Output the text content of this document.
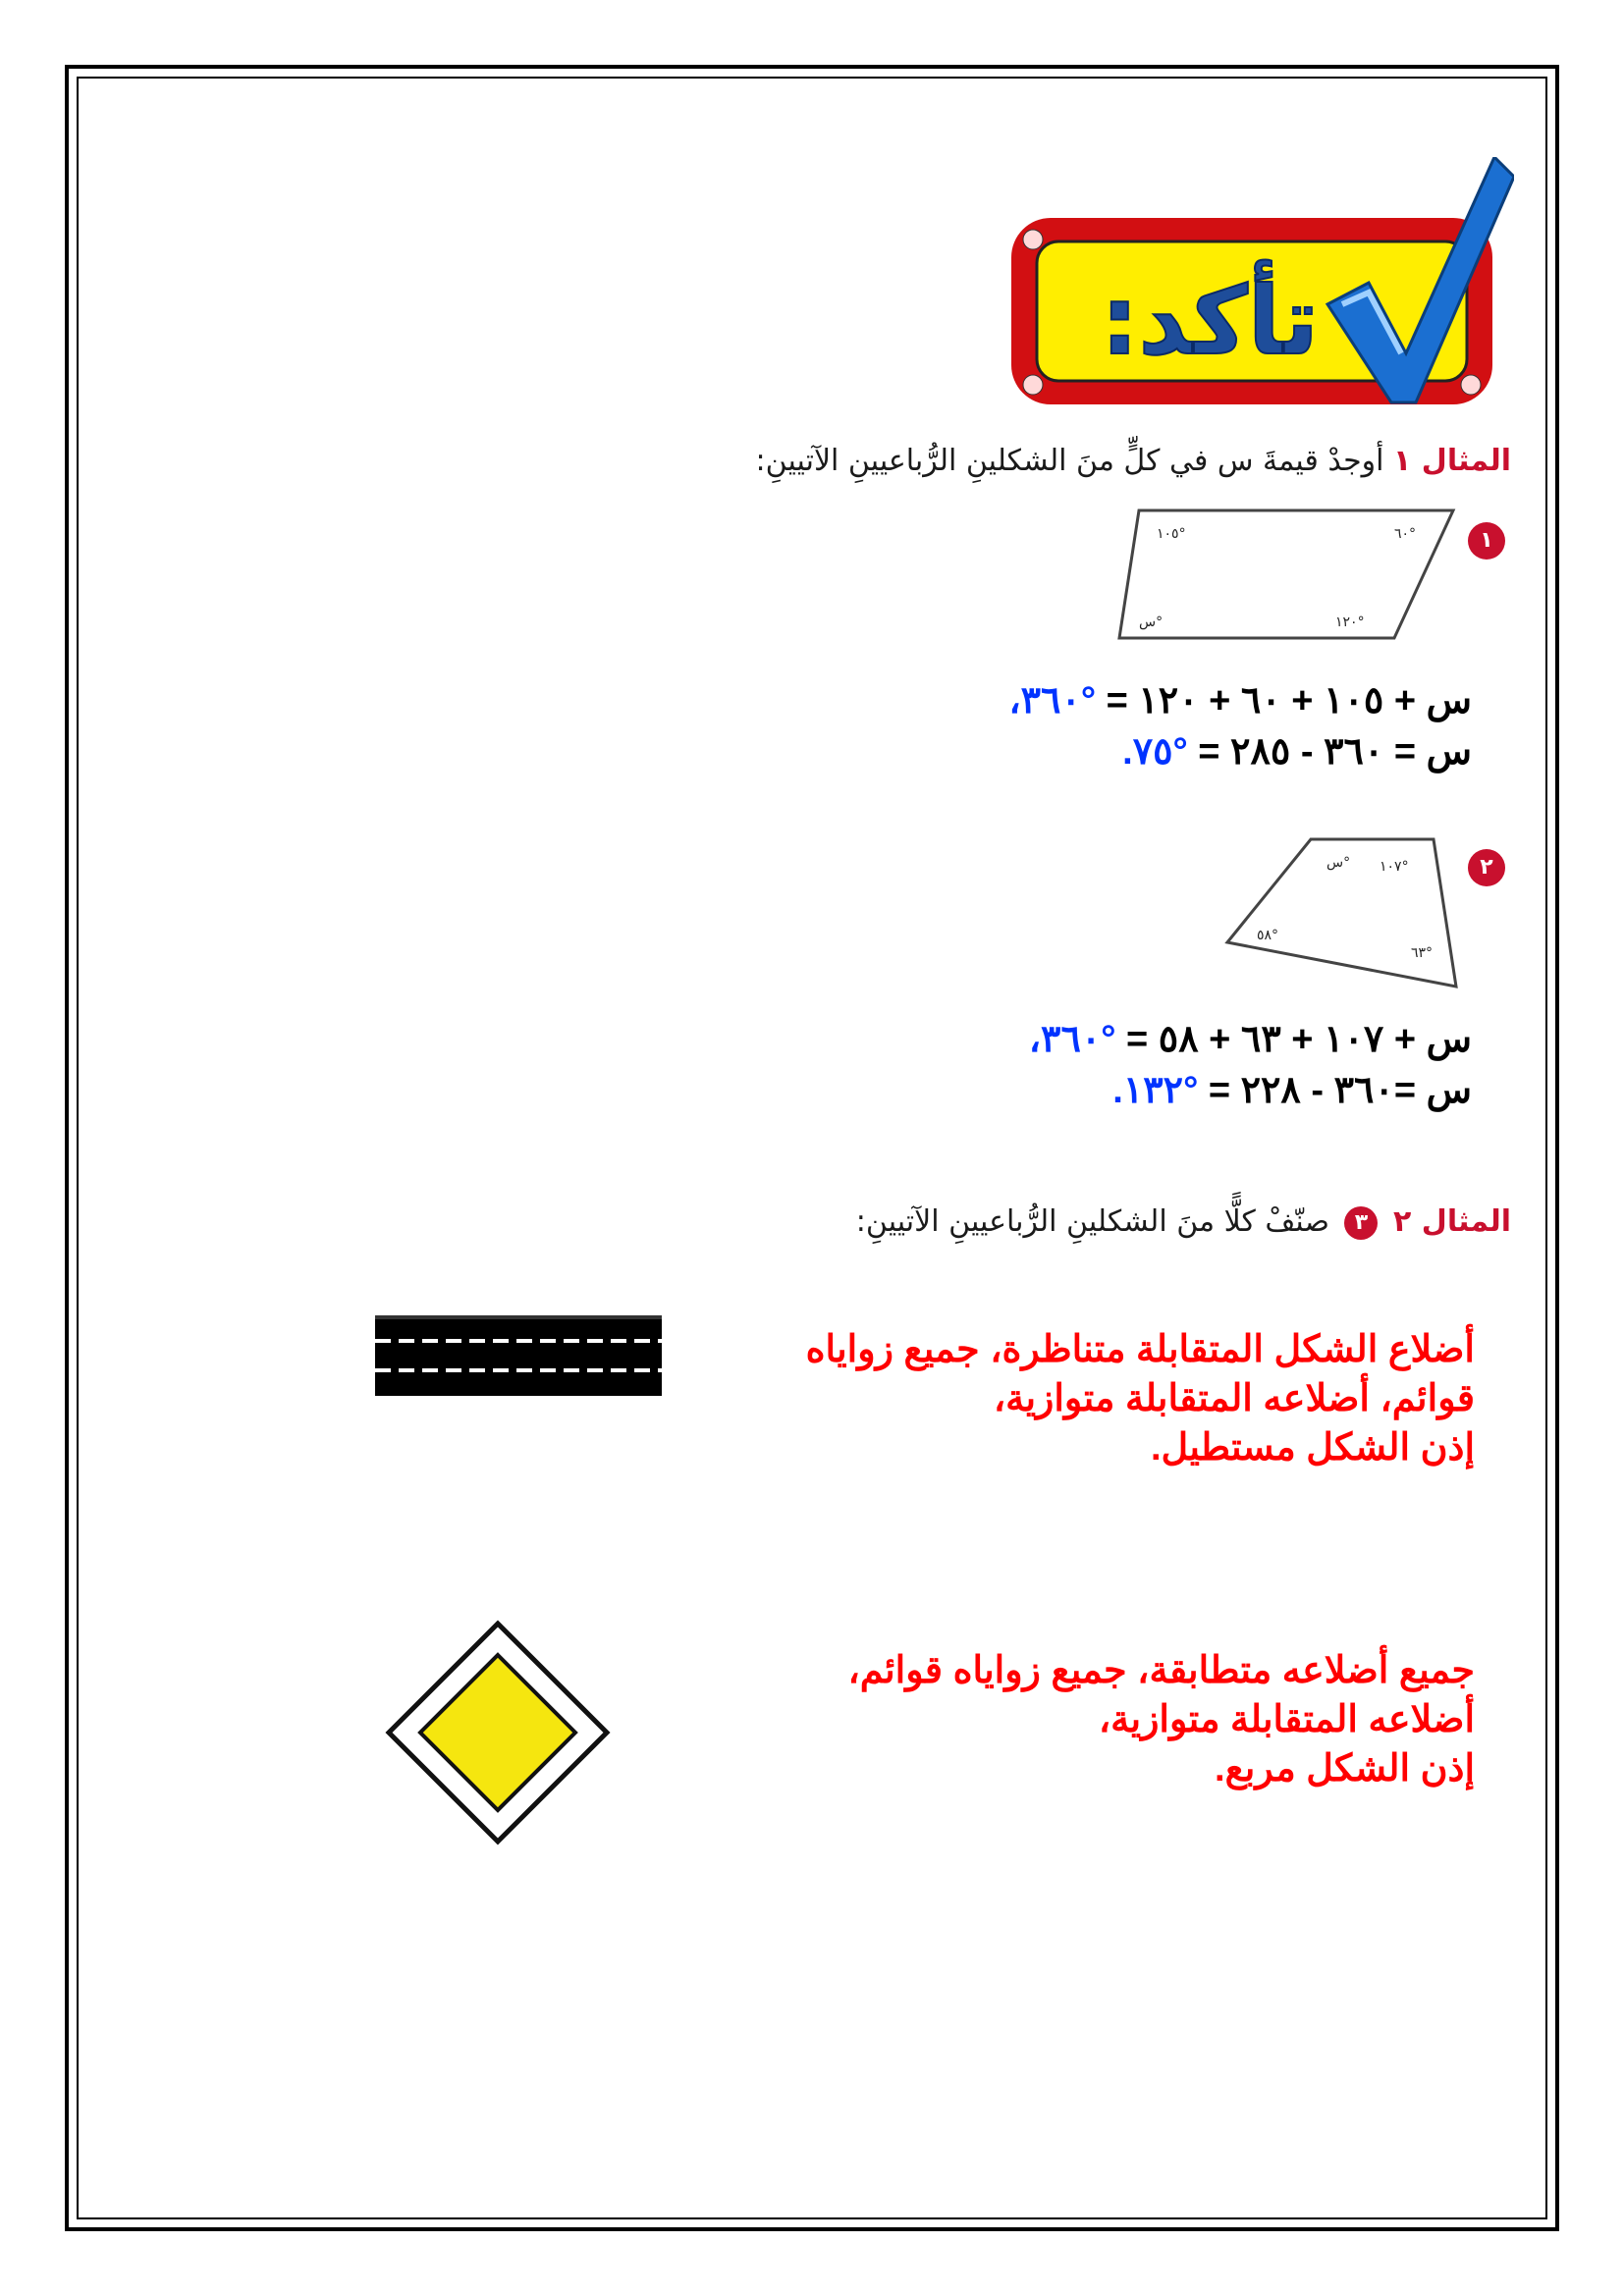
تأكد:
المثال ١ أوجدْ قيمةَ س في كلٍّ منَ الشكلينِ الرُّباعيينِ الآتيينِ:
١
١٠٥°	٦٠°
١٢٠°
س°
س + ١٠٥ + ٦٠ + ١٢٠ = °٣٦٠،
س = ٣٦٠ - ٢٨٥ = °٧٥.
٢
١٠٧°
س°
٥٨°
٦٣°
س + ١٠٧ + ٦٣ + ٥٨ = °٣٦٠،
س =٣٦٠ - ٢٢٨ = °١٣٢.
المثال ٢ ٣ صنّفْ كلًّا منَ الشكلينِ الرُّباعيينِ الآتيينِ:
أضلاع الشكل المتقابلة متناظرة، جميع زواياه
قوائم، أضلاعه المتقابلة متوازية،
إذن الشكل مستطيل.
جميع أضلاعه متطابقة، جميع زواياه قوائم،
أضلاعه المتقابلة متوازية،
إذن الشكل مربع.
